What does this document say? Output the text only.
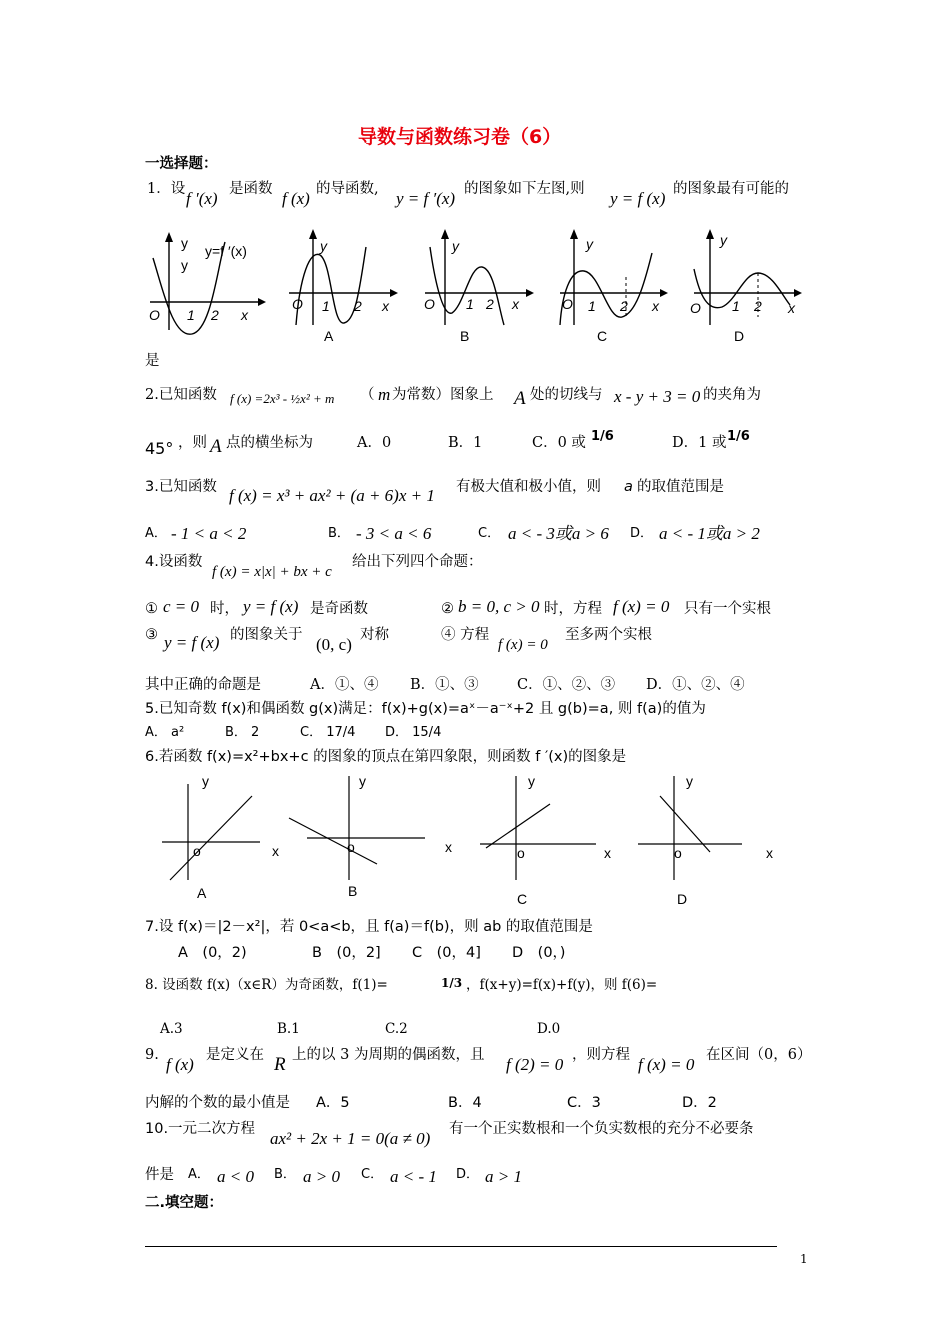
导数与函数练习卷（6）
一选择题：
1．设 f ′(x) 是函数 f (x) 的导函数, y = f ′(x) 的图象如下左图,则 y = f (x) 的图象最有可能的
y
y
y=f ′(x)
O 1 2 x
y
O 1 2 x
A
y
O 1 2 x
B
y
O 1 2 x
C
y
O 1 2 x
D
是
2.已知函数 f (x) =2x³ - ½x² + m （ m 为常数）图象上 A 处的切线与 x - y + 3 = 0 的夹角为
45° ，则 A 点的横坐标为	A．0	B．1	C．0 或 1/6	D．1 或 1/6
3.已知函数 f (x) = x³ + ax² + (a + 6)x + 1 有极大值和极小值，则 a 的取值范围是
A． - 1 < a < 2	B． - 3 < a < 6	C． a < - 3或a > 6 D． a < - 1或a > 2
4.设函数
f (x) = x|x| + bx + c
给出下列四个命题：
① c = 0 时， y = f (x) 是奇函数	② b = 0, c > 0 时，方程 f (x) = 0 只有一个实根
③ y = f (x) 的图象关于 (0, c) 对称	④ 方程
f (x) = 0
至多两个实根
其中正确的命题是	A．①、④ B．①、③	C．①、②、③ D．①、②、④
5.已知奇数 f(x)和偶函数 g(x)满足：f(x)+g(x)=aˣ－a⁻ˣ+2 且 g(b)=a, 则 f(a)的值为
A． a²	B． 2	C． 17/4 D． 15/4
6.若函数 f(x)=x²+bx+c 的图象的顶点在第四象限，则函数 f ′(x)的图象是
y
o	x
A
y
o	x
B
y
o	x
C
y
o	x
D
7.设 f(x)＝|2－x²|，若 0<a<b，且 f(a)＝f(b)，则 ab 的取值范围是
A　(0，2)	B　(0，2] C　(0，4] D　(0，)
8. 设函数 f(x)（x∈R）为奇函数，f(1)=	1/3 ，f(x+y)=f(x)+f(y)，则 f(6)=
A.3	B.1	C.2	D.0
9. f (x) 是定义在 R 上的以 3 为周期的偶函数，且 f (2) = 0 ，则方程 f (x) = 0 在区间（0，6）
内解的个数的最小值是 A．5	B．4	C．3	D．2
10.一元二次方程 ax² + 2x + 1 = 0(a ≠ 0) 有一个正实数根和一个负实数根的充分不必要条
件是 A． a < 0 B． a > 0 C． a < - 1 D． a > 1
二.填空题：
1
